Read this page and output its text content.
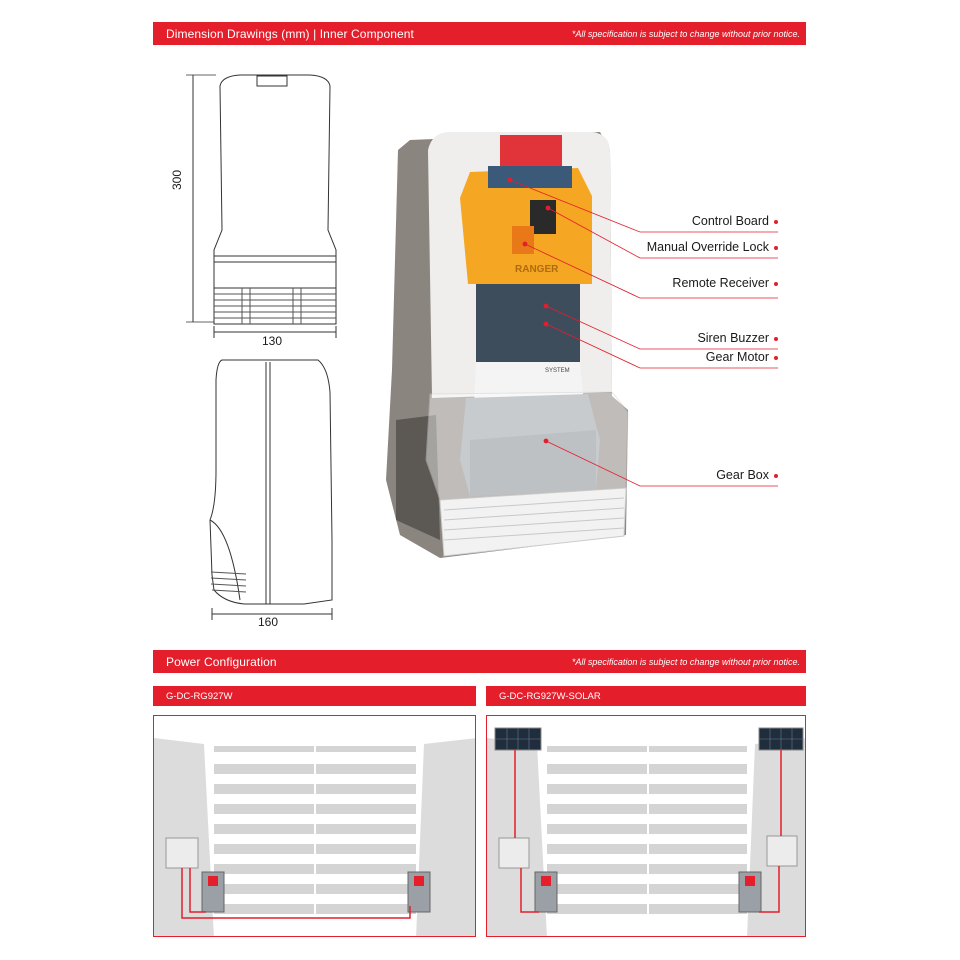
Dimension Drawings (mm) | Inner Component	*All specification is subject to change without prior notice.
300
130
160
RANGER
SYSTEM
Control Board
Manual Override Lock
Remote Receiver
Siren Buzzer
Gear Motor
Gear Box
Power Configuration	*All specification is subject to change without prior notice.
G-DC-RG927W	G-DC-RG927W-SOLAR
